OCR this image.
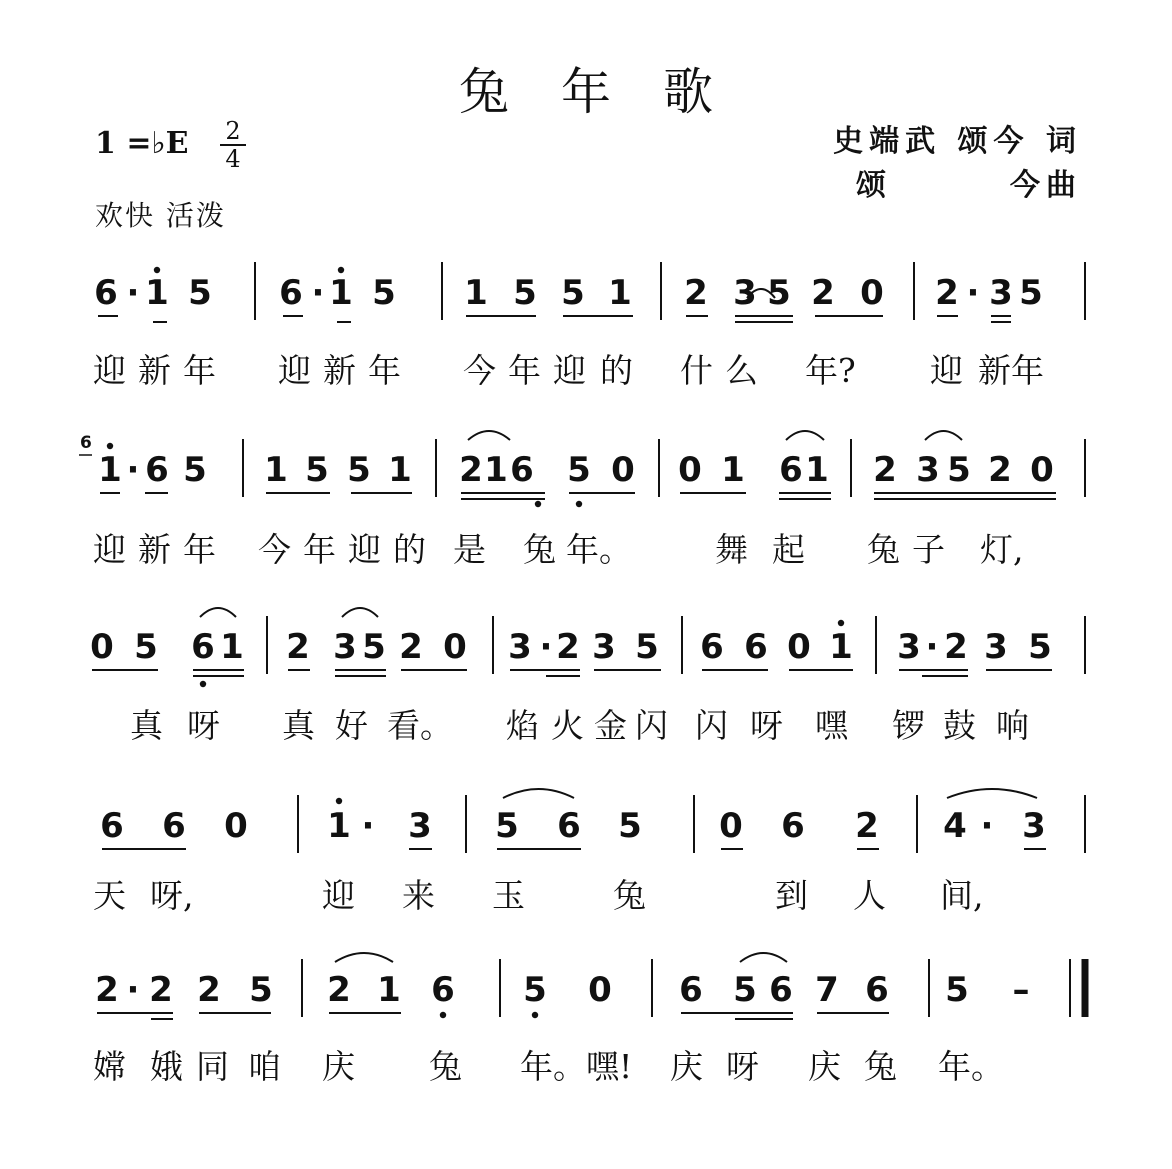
兔年歌
1 =♭E	2
4
欢快 活泼
史端武 颂今 词
颂	今曲
6 · 1 5 6 · 1 5 1 5 5 1 2 3 5 2 0 2 · 3 5
迎 新 年 迎 新 年 今 年 迎 的 什 么 年? 迎 新年
1 · 6 5 1 5 5 1 2 1 6 5 0 0 1 6 1 2 3 5 2 0
迎 新 年 今 年 迎 的 是 兔 年。	舞 起 兔 子 灯,
6
0 5 6 1 2 3 5 2 0 3 · 2 3 5 6 6 0 1 3 · 2 3 5
真 呀 真 好 看。 焰 火 金 闪 闪 呀 嘿 锣 鼓 响
6 6 0 1 · 3 5 6 5 0 6 2 4 · 3
天 呀,	迎 来 玉	兔	到 人 间,
2 · 2 2 5 2 1 6 5 0 6 5 6 7 6 5 –
嫦 娥 同 咱 庆 兔 年。嘿! 庆 呀 庆 兔 年。
